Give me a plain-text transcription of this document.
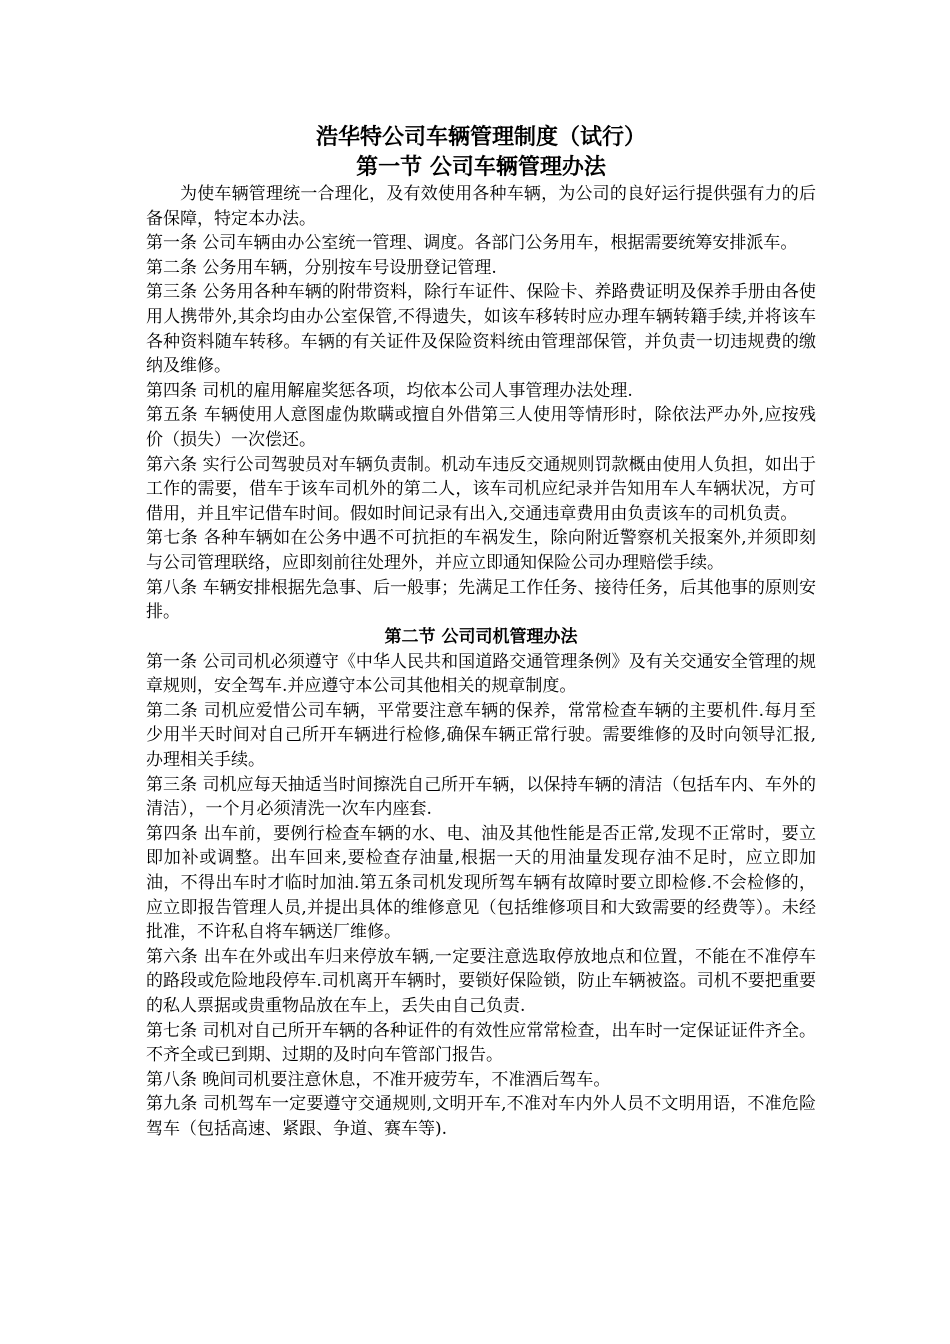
浩华特公司车辆管理制度（试行）
第一节 公司车辆管理办法

为使车辆管理统一合理化，及有效使用各种车辆，为公司的良好运行提供强有力的后备保障，特定本办法。

第一条 公司车辆由办公室统一管理、调度。各部门公务用车，根据需要统筹安排派车。

第二条 公务用车辆，分别按车号设册登记管理.

第三条 公务用各种车辆的附带资料，除行车证件、保险卡、养路费证明及保养手册由各使用人携带外,其余均由办公室保管,不得遗失，如该车移转时应办理车辆转籍手续,并将该车各种资料随车转移。车辆的有关证件及保险资料统由管理部保管，并负责一切违规费的缴纳及维修。

第四条 司机的雇用解雇奖惩各项，均依本公司人事管理办法处理.

第五条 车辆使用人意图虚伪欺瞒或擅自外借第三人使用等情形时，除依法严办外,应按残价（损失）一次偿还。

第六条 实行公司驾驶员对车辆负责制。机动车违反交通规则罚款概由使用人负担，如出于工作的需要，借车于该车司机外的第二人，该车司机应纪录并告知用车人车辆状况，方可借用，并且牢记借车时间。假如时间记录有出入,交通违章费用由负责该车的司机负责。

第七条 各种车辆如在公务中遇不可抗拒的车祸发生，除向附近警察机关报案外,并须即刻与公司管理联络，应即刻前往处理外，并应立即通知保险公司办理赔偿手续。

第八条 车辆安排根据先急事、后一般事；先满足工作任务、接待任务，后其他事的原则安排。

第二节 公司司机管理办法

第一条 公司司机必须遵守《中华人民共和国道路交通管理条例》及有关交通安全管理的规章规则，安全驾车.并应遵守本公司其他相关的规章制度。

第二条 司机应爱惜公司车辆，平常要注意车辆的保养，常常检查车辆的主要机件.每月至少用半天时间对自己所开车辆进行检修,确保车辆正常行驶。需要维修的及时向领导汇报,办理相关手续。

第三条 司机应每天抽适当时间擦洗自己所开车辆，以保持车辆的清洁（包括车内、车外的清洁），一个月必须清洗一次车内座套.

第四条 出车前，要例行检查车辆的水、电、油及其他性能是否正常,发现不正常时，要立即加补或调整。出车回来,要检查存油量,根据一天的用油量发现存油不足时，应立即加油，不得出车时才临时加油.第五条司机发现所驾车辆有故障时要立即检修.不会检修的，应立即报告管理人员,并提出具体的维修意见（包括维修项目和大致需要的经费等）。未经批准，不许私自将车辆送厂维修。

第六条 出车在外或出车归来停放车辆,一定要注意选取停放地点和位置，不能在不准停车的路段或危险地段停车.司机离开车辆时，要锁好保险锁，防止车辆被盗。司机不要把重要的私人票据或贵重物品放在车上，丢失由自己负责.

第七条 司机对自己所开车辆的各种证件的有效性应常常检查，出车时一定保证证件齐全。不齐全或已到期、过期的及时向车管部门报告。

第八条 晚间司机要注意休息，不准开疲劳车，不准酒后驾车。

第九条 司机驾车一定要遵守交通规则,文明开车,不准对车内外人员不文明用语，不准危险驾车（包括高速、紧跟、争道、赛车等).
